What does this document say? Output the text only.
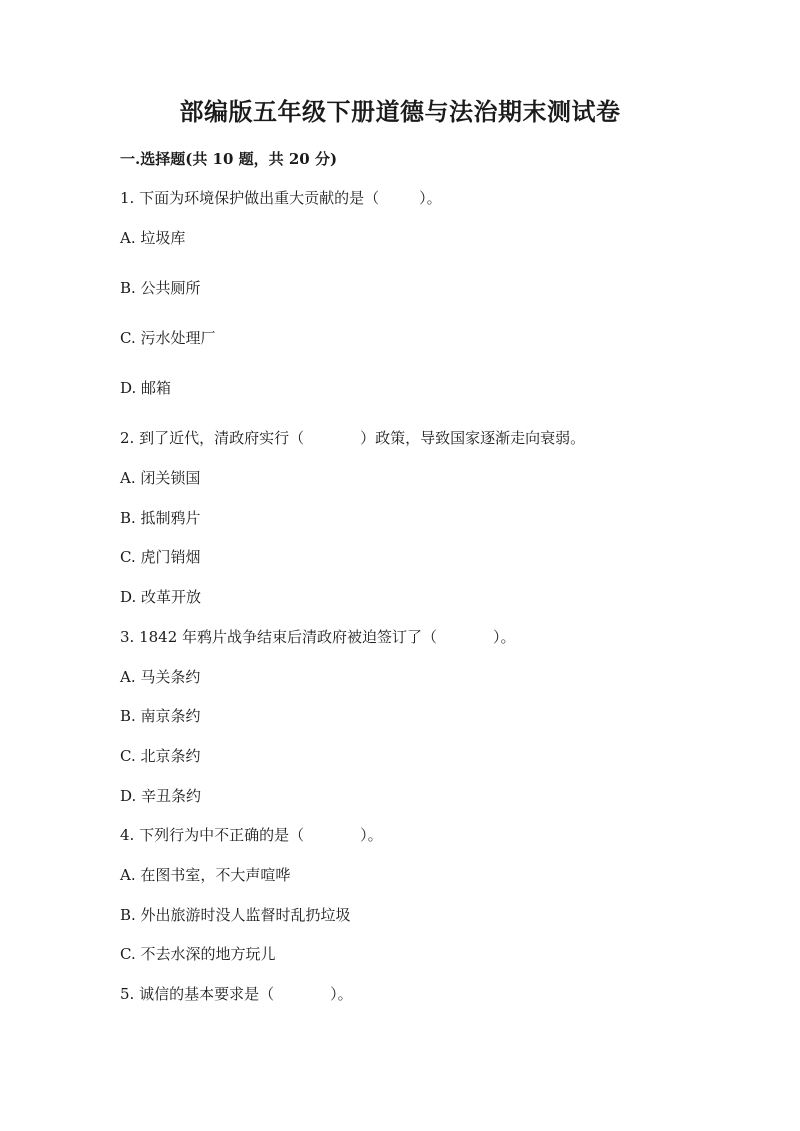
部编版五年级下册道德与法治期末测试卷
一.选择题(共 10 题，共 20 分)
1. 下面为环境保护做出重大贡献的是（	）。
A. 垃圾库
B. 公共厕所
C. 污水处理厂
D. 邮箱
2. 到了近代，清政府实行（	）政策，导致国家逐渐走向衰弱。
A. 闭关锁国
B. 抵制鸦片
C. 虎门销烟
D. 改革开放
3. 1842 年鸦片战争结束后清政府被迫签订了（	）。
A. 马关条约
B. 南京条约
C. 北京条约
D. 辛丑条约
4. 下列行为中不正确的是（	）。
A. 在图书室，不大声喧哗
B. 外出旅游时没人监督时乱扔垃圾
C. 不去水深的地方玩儿
5. 诚信的基本要求是（	）。
